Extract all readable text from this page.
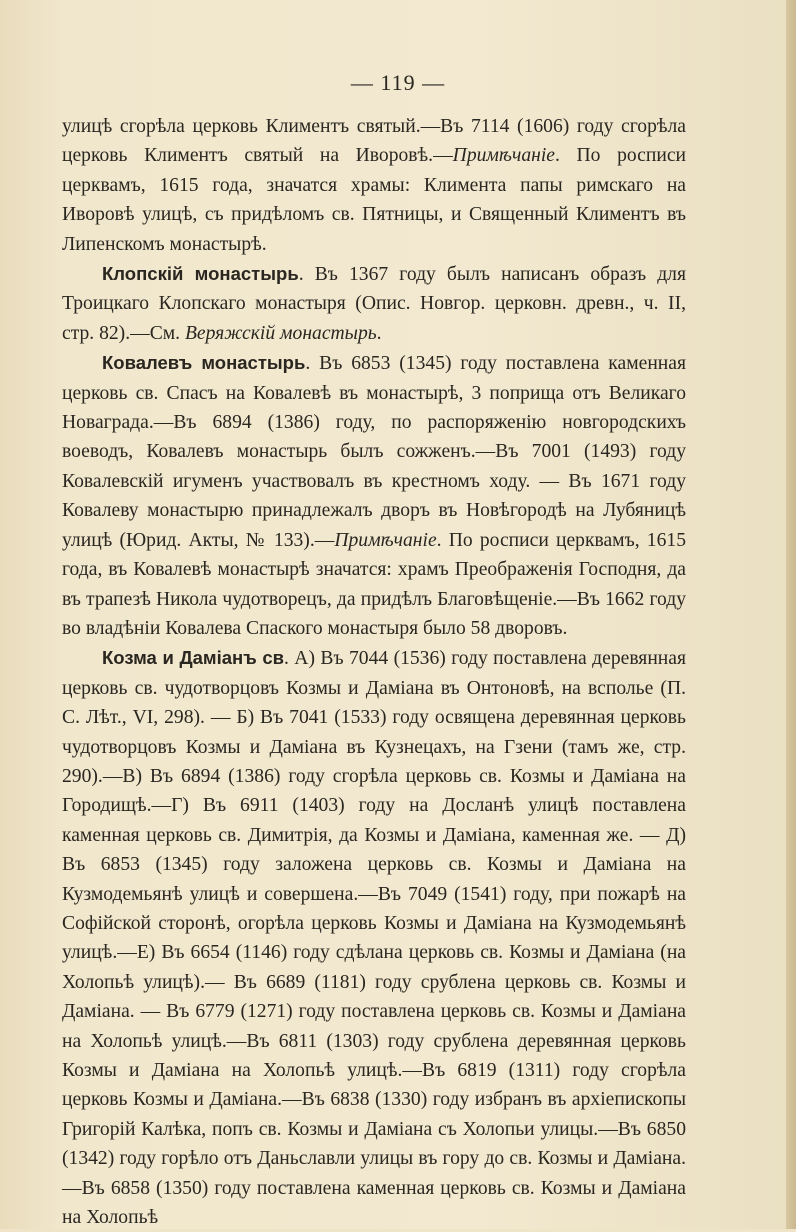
— 119 —

улицѣ сгорѣла церковь Климентъ святый.—Въ 7114 (1606) году сгорѣла церковь Климентъ святый на Иворовѣ.—Примѣчаніе. По росписи церквамъ, 1615 года, значатся храмы: Климента папы римскаго на Иворовѣ улицѣ, съ придѣломъ св. Пятницы, и Священный Климентъ въ Липенскомъ монастырѣ.

Клопскій монастырь. Въ 1367 году былъ написанъ образъ для Троицкаго Клопскаго монастыря (Опис. Новгор. церковн. древн., ч. II, стр. 82).—См. Веряжскій монастырь.

Ковалевъ монастырь. Въ 6853 (1345) году поставлена каменная церковь св. Спасъ на Ковалевѣ въ монастырѣ, 3 поприща отъ Великаго Новаграда.—Въ 6894 (1386) году, по распоряженію новгородскихъ воеводъ, Ковалевъ монастырь былъ сожженъ.—Въ 7001 (1493) году Ковалевскій игуменъ участвовалъ въ крестномъ ходу. — Въ 1671 году Ковалеву монастырю принадлежалъ дворъ въ Новѣгородѣ на Лубяницѣ улицѣ (Юрид. Акты, № 133).—Примѣчаніе. По росписи церквамъ, 1615 года, въ Ковалевѣ монастырѣ значатся: храмъ Преображенія Господня, да въ трапезѣ Никола чудотворецъ, да придѣлъ Благовѣщеніе.—Въ 1662 году во владѣніи Ковалева Спаского монастыря было 58 дворовъ.

Козма и Даміанъ св. А) Въ 7044 (1536) году поставлена деревянная церковь св. чудотворцовъ Козмы и Даміана въ Онтоновѣ, на всполье (П. С. Лѣт., VI, 298). — Б) Въ 7041 (1533) году освящена деревянная церковь чудотворцовъ Козмы и Даміана въ Кузнецахъ, на Гзени (тамъ же, стр. 290).—В) Въ 6894 (1386) году сгорѣла церковь св. Козмы и Даміана на Городищѣ.—Г) Въ 6911 (1403) году на Досланѣ улицѣ поставлена каменная церковь св. Димитрія, да Козмы и Даміана, каменная же. — Д) Въ 6853 (1345) году заложена церковь св. Козмы и Даміана на Кузмодемьянѣ улицѣ и совершена.—Въ 7049 (1541) году, при пожарѣ на Софійской сторонѣ, огорѣла церковь Козмы и Даміана на Кузмодемьянѣ улицѣ.—Е) Въ 6654 (1146) году сдѣлана церковь св. Козмы и Даміана (на Холопьѣ улицѣ).— Въ 6689 (1181) году срублена церковь св. Козмы и Даміана. — Въ 6779 (1271) году поставлена церковь св. Козмы и Даміана на Холопьѣ улицѣ.—Въ 6811 (1303) году срублена деревянная церковь Козмы и Даміана на Холопьѣ улицѣ.—Въ 6819 (1311) году сгорѣла церковь Козмы и Даміана.—Въ 6838 (1330) году избранъ въ архіепископы Григорій Калѣка, попъ св. Козмы и Даміана съ Холопьи улицы.—Въ 6850 (1342) году горѣло отъ Даньславли улицы въ гору до св. Козмы и Даміана.—Въ 6858 (1350) году поставлена каменная церковь св. Козмы и Даміана на Холопьѣ
